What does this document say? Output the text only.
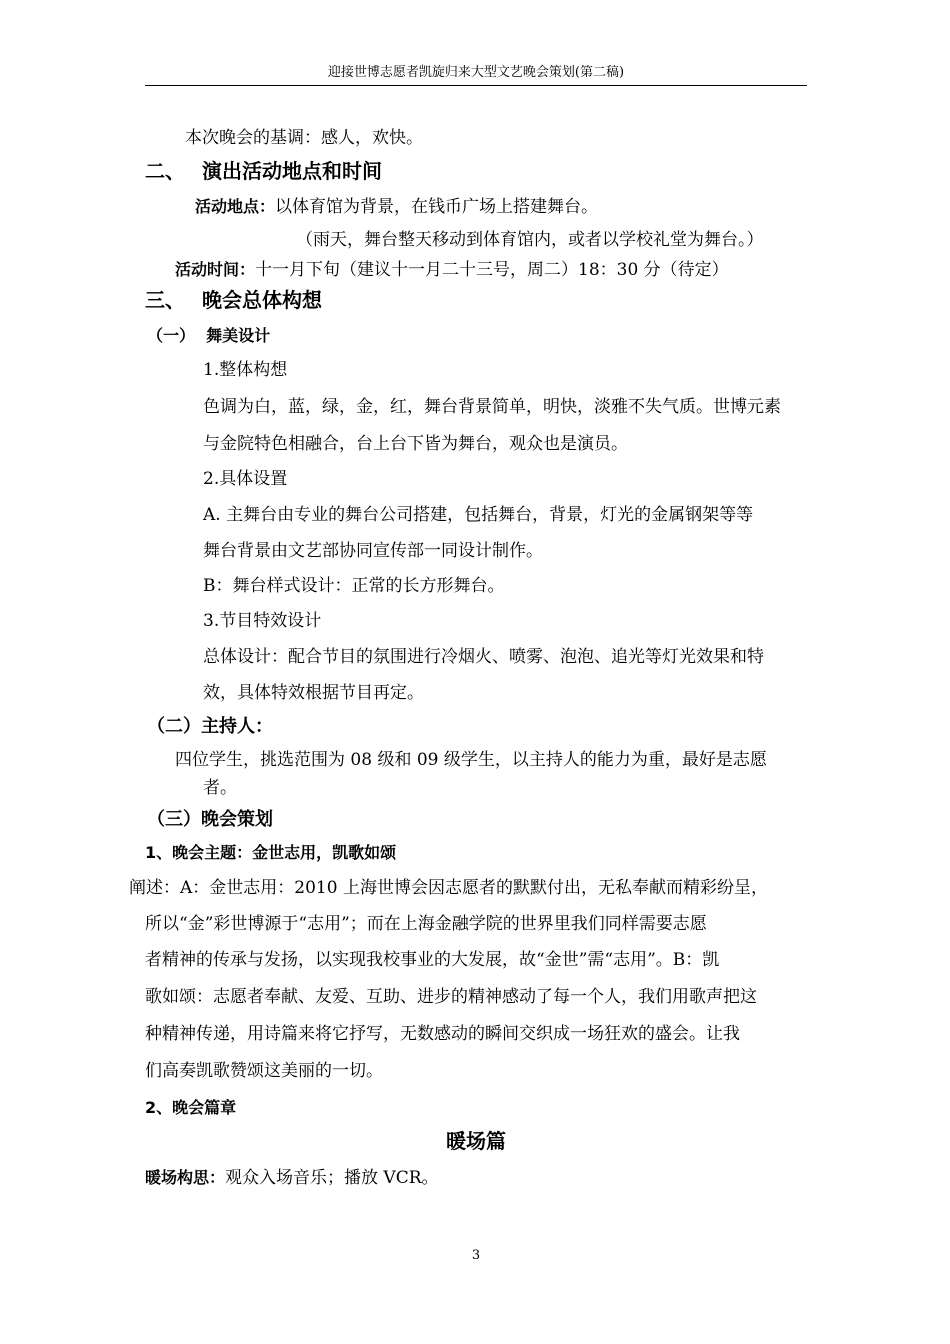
迎接世博志愿者凯旋归来大型文艺晚会策划(第二稿)
本次晚会的基调：感人，欢快。
二、 演出活动地点和时间
活动地点：以体育馆为背景，在钱币广场上搭建舞台。
（雨天，舞台整天移动到体育馆内，或者以学校礼堂为舞台。）
活动时间：十一月下旬（建议十一月二十三号，周二）18：30 分（待定）
三、 晚会总体构想
（一）  舞美设计
1.整体构想
色调为白，蓝，绿，金，红，舞台背景简单，明快，淡雅不失气质。世博元素
与金院特色相融合，台上台下皆为舞台，观众也是演员。
2.具体设置
A. 主舞台由专业的舞台公司搭建，包括舞台，背景，灯光的金属钢架等等
舞台背景由文艺部协同宣传部一同设计制作。
B：舞台样式设计：正常的长方形舞台。
3.节目特效设计
总体设计：配合节目的氛围进行冷烟火、喷雾、泡泡、追光等灯光效果和特
效，具体特效根据节目再定。
（二）主持人：
四位学生，挑选范围为 08 级和 09 级学生，以主持人的能力为重，最好是志愿
者。
（三）晚会策划
1、晚会主题：金世志用，凯歌如颂
阐述：A：金世志用：2010 上海世博会因志愿者的默默付出，无私奉献而精彩纷呈，
所以“金”彩世博源于“志用”；而在上海金融学院的世界里我们同样需要志愿
者精神的传承与发扬，以实现我校事业的大发展，故“金世”需“志用”。B：凯
歌如颂：志愿者奉献、友爱、互助、进步的精神感动了每一个人，我们用歌声把这
种精神传递，用诗篇来将它抒写，无数感动的瞬间交织成一场狂欢的盛会。让我
们高奏凯歌赞颂这美丽的一切。
2、晚会篇章
暖场篇
暖场构思：观众入场音乐；播放 VCR。
3
